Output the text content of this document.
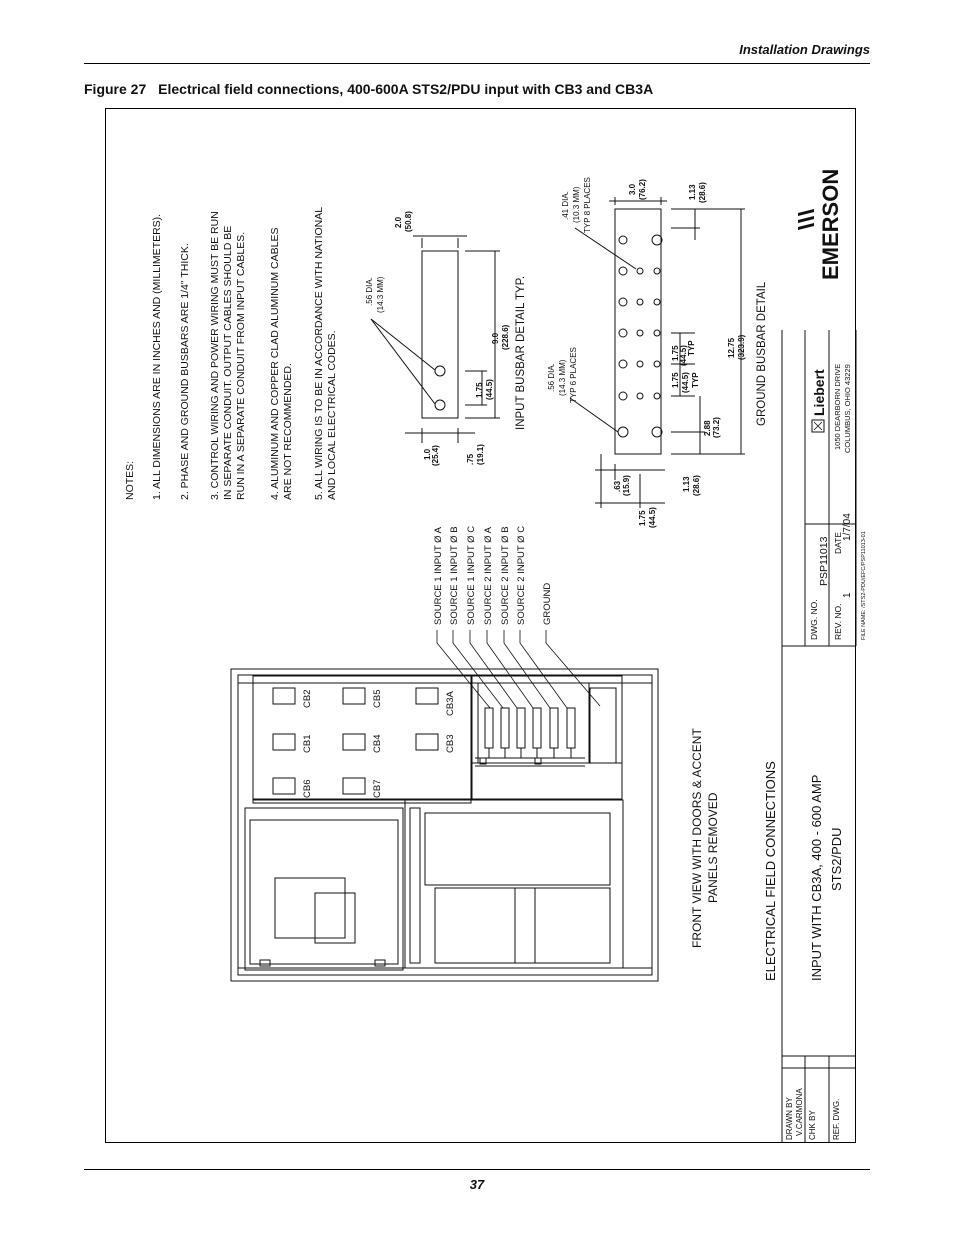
Installation Drawings
Figure 27 Electrical field connections, 400-600A STS2/PDU input with CB3 and CB3A
NOTES: 1. ALL DIMENSIONS ARE IN INCHES AND (MILLIMETERS). 2. PHASE AND GROUND BUSBARS ARE 1/4" THICK. 3. CONTROL WIRING AND POWER WIRING MUST BE RUN IN SEPARATE CONDUIT. OUTPUT CABLES SHOULD BE RUN IN A SEPARATE CONDUIT FROM INPUT CABLES. 4. ALUMINUM AND COPPER CLAD ALUMINUM CABLES ARE NOT RECOMMENDED. 5. ALL WIRING IS TO BE IN ACCORDANCE WITH NATIONAL AND LOCAL ELECTRICAL CODES.
.56 DIA. (14.3 MM)
2.0 (50.8)
9.0 (228.6)
1.75 (44.5)
1.0 (25.4)	.75 (19.1)
INPUT BUSBAR DETAIL TYP.
.41 DIA. (10.3 MM) TYP 8 PLACES
.56 DIA. (14.3 MM) TYP 6 PLACES
3.0 (76.2)	1.13 (28.6)
1.75 (44.5) TYP
1.75 (44.5) TYP
12.75 (323.9)
2.88 (73.2)
.63 (15.9)	1.13 (28.6)
1.75 (44.5)
GROUND BUSBAR DETAIL
SOURCE 1 INPUT Ø A SOURCE 1 INPUT Ø B SOURCE 1 INPUT Ø C SOURCE 2 INPUT Ø A SOURCE 2 INPUT Ø B SOURCE 2 INPUT Ø C GROUND
CB2	CB5	CB3A
CB1	CB4	CB3
CB6	CB7	FRONT VIEW WITH DOORS & ACCENT PANELS REMOVED	ELECTRICAL FIELD CONNECTIONS INPUT WITH CB3A, 400 - 600 AMP STS2/PDU
DWG. NO.
PSP11013
REV. NO.
1
DATE
1/7/04
FILE NAME: /STS2-PDU/EFC/PSP11013-01
DRAWN BY V.CARMONA CHK BY REF. DWG.
Liebert 1050 DEARBORN DRIVE COLUMBUS, OHIO 43229
EMERSON
37
